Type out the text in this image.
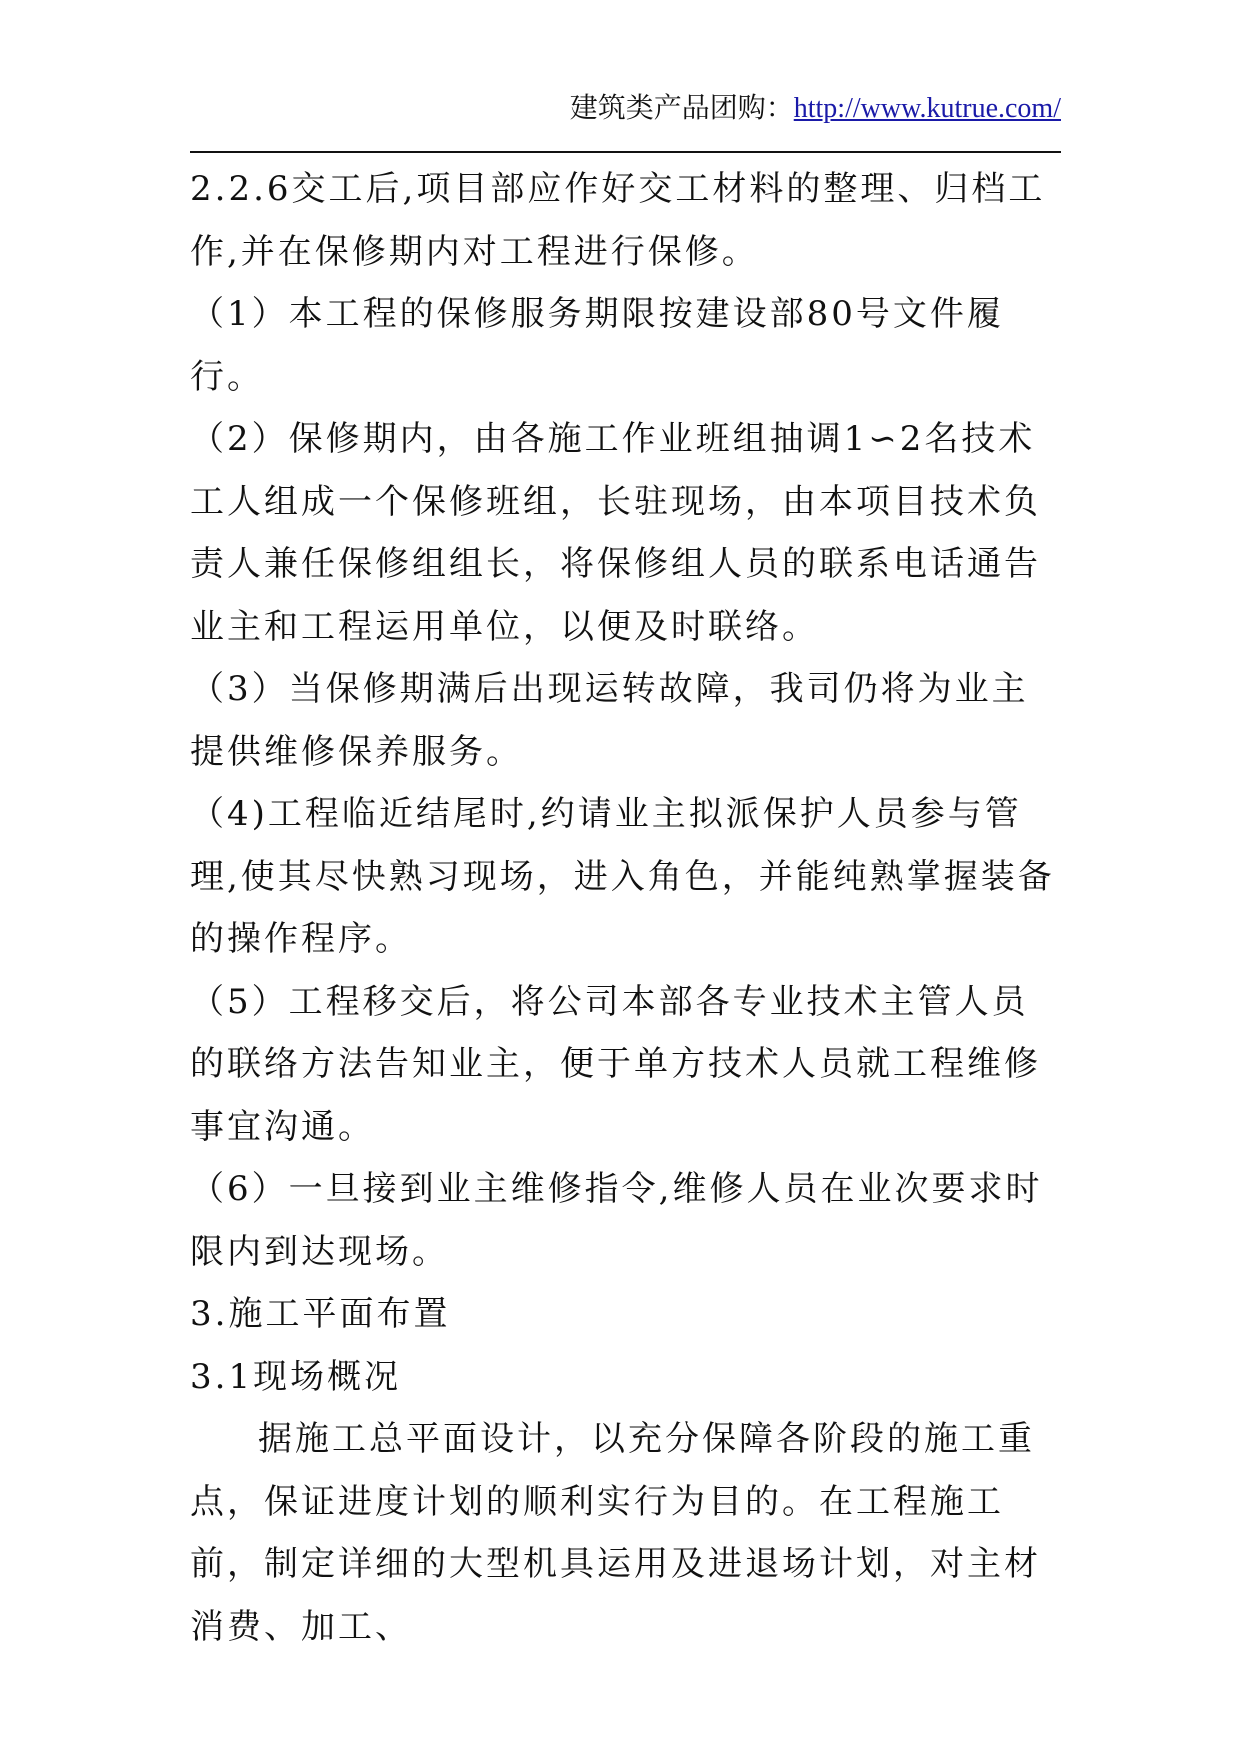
建筑类产品团购：http://www.kutrue.com/

2.2.6交工后,项目部应作好交工材料的整理、归档工作,并在保修期内对工程进行保修。

（1）本工程的保修服务期限按建设部80号文件履行。

（2）保修期内，由各施工作业班组抽调1∽2名技术工人组成一个保修班组，长驻现场，由本项目技术负责人兼任保修组组长，将保修组人员的联系电话通告业主和工程运用单位，以便及时联络。

（3）当保修期满后出现运转故障，我司仍将为业主提供维修保养服务。

（4)工程临近结尾时,约请业主拟派保护人员参与管理,使其尽快熟习现场，进入角色，并能纯熟掌握装备的操作程序。

（5）工程移交后，将公司本部各专业技术主管人员的联络方法告知业主，便于单方技术人员就工程维修事宜沟通。

（6）一旦接到业主维修指令,维修人员在业次要求时限内到达现场。

3.施工平面布置

3.1现场概况

据施工总平面设计，以充分保障各阶段的施工重点，保证进度计划的顺利实行为目的。在工程施工前，制定详细的大型机具运用及进退场计划，对主材消费、加工、
